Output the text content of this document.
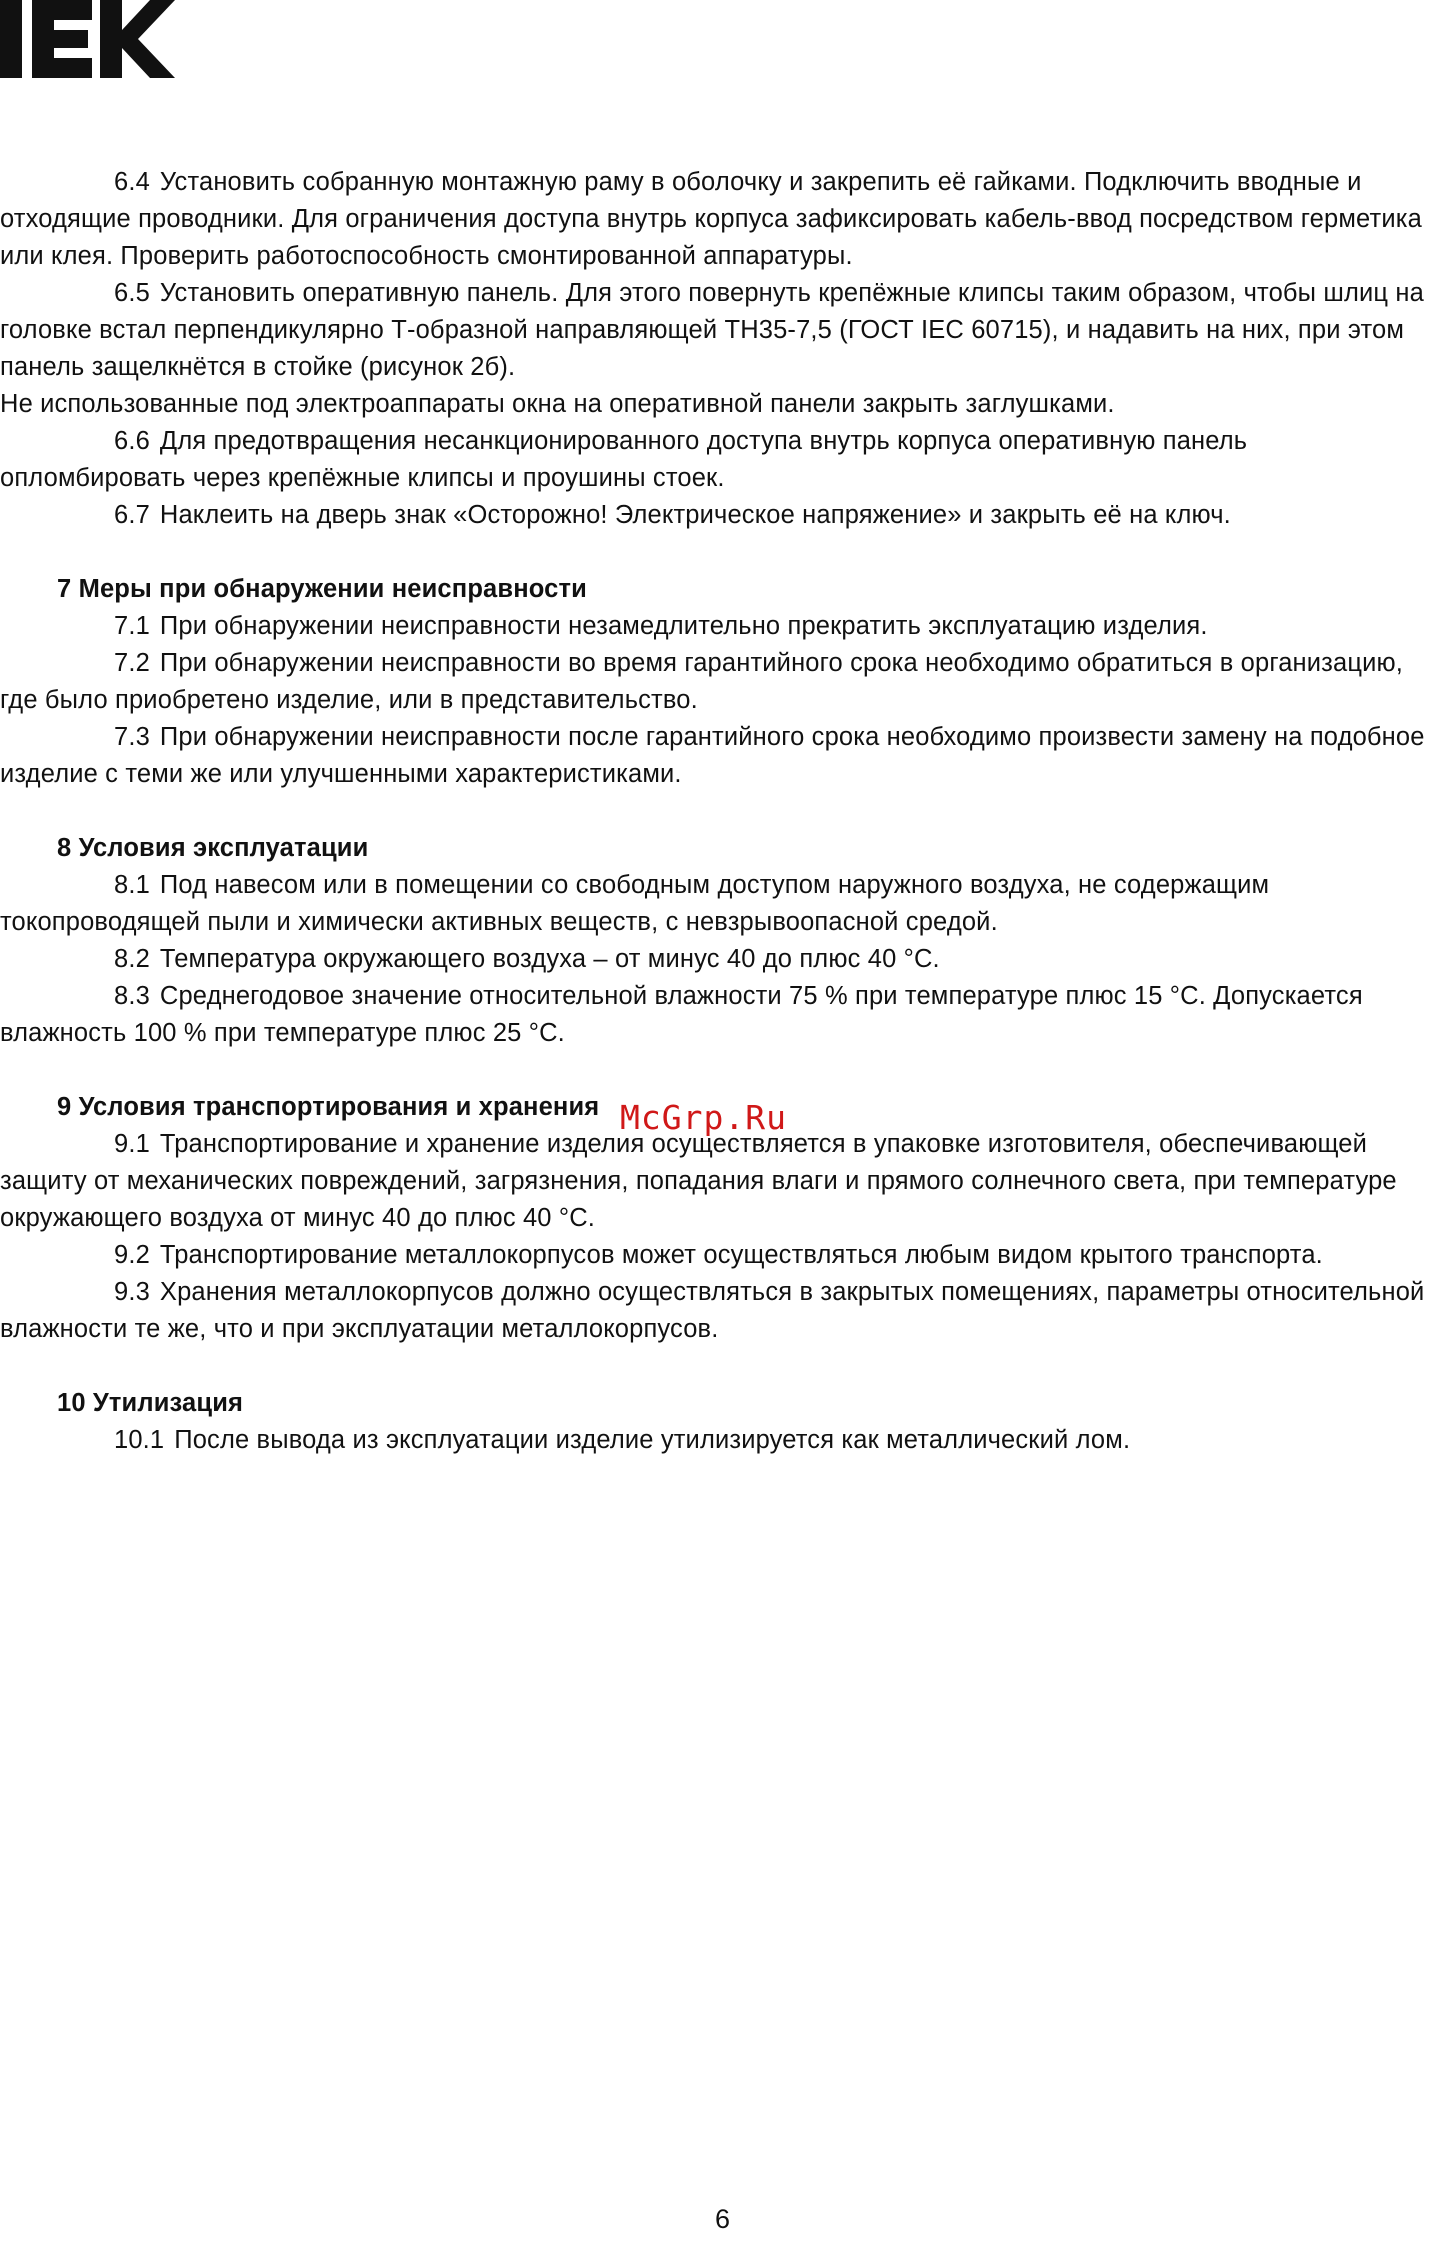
6.4 Установить собранную монтажную раму в оболочку и закрепить её гайками. Подключить вводные и отходящие проводники. Для ограничения доступа внутрь корпуса зафиксировать кабель-ввод посредством герметика или клея. Проверить работоспособность смонтированной аппаратуры.

6.5 Установить оперативную панель. Для этого повернуть крепёжные клипсы таким образом, чтобы шлиц на головке встал перпендикулярно Т-образной направляющей ТН35-7,5 (ГОСТ IEC 60715), и надавить на них, при этом панель защелкнётся в стойке (рисунок 2б).

Не использованные под электроаппараты окна на оперативной панели закрыть заглушками.

6.6 Для предотвращения несанкционированного доступа внутрь корпуса оперативную панель опломбировать через крепёжные клипсы и проушины стоек.

6.7 Наклеить на дверь знак «Осторожно! Электрическое напряжение» и закрыть её на ключ.

7 Меры при обнаружении неисправности

7.1 При обнаружении неисправности незамедлительно прекратить эксплуатацию изделия.

7.2 При обнаружении неисправности во время гарантийного срока необходимо обратиться в организацию, где было приобретено изделие, или в представительство.

7.3 При обнаружении неисправности после гарантийного срока необходимо произвести замену на подобное изделие с теми же или улучшенными характеристиками.

8 Условия эксплуатации

8.1 Под навесом или в помещении со свободным доступом наружного воздуха, не содержащим токопроводящей пыли и химически активных веществ, с невзрывоопасной средой.

8.2 Температура окружающего воздуха – от минус 40 до плюс 40 °С.

8.3 Среднегодовое значение относительной влажности 75 % при температуре плюс 15 °С. Допускается влажность 100 % при температуре плюс 25 °С.

9 Условия транспортирования и хранения

9.1 Транспортирование и хранение изделия осуществляется в упаковке изготовителя, обеспечивающей защиту от механических повреждений, загрязнения, попадания влаги и прямого солнечного света, при температуре окружающего воздуха от минус 40 до плюс 40 °С.

9.2 Транспортирование металлокорпусов может осуществляться любым видом крытого транспорта.

9.3 Хранения металлокорпусов должно осуществляться в закрытых помещениях, параметры относительной влажности те же, что и при эксплуатации металлокорпусов.

10 Утилизация

10.1 После вывода из эксплуатации изделие утилизируется как металлический лом.

McGrp.Ru
6
